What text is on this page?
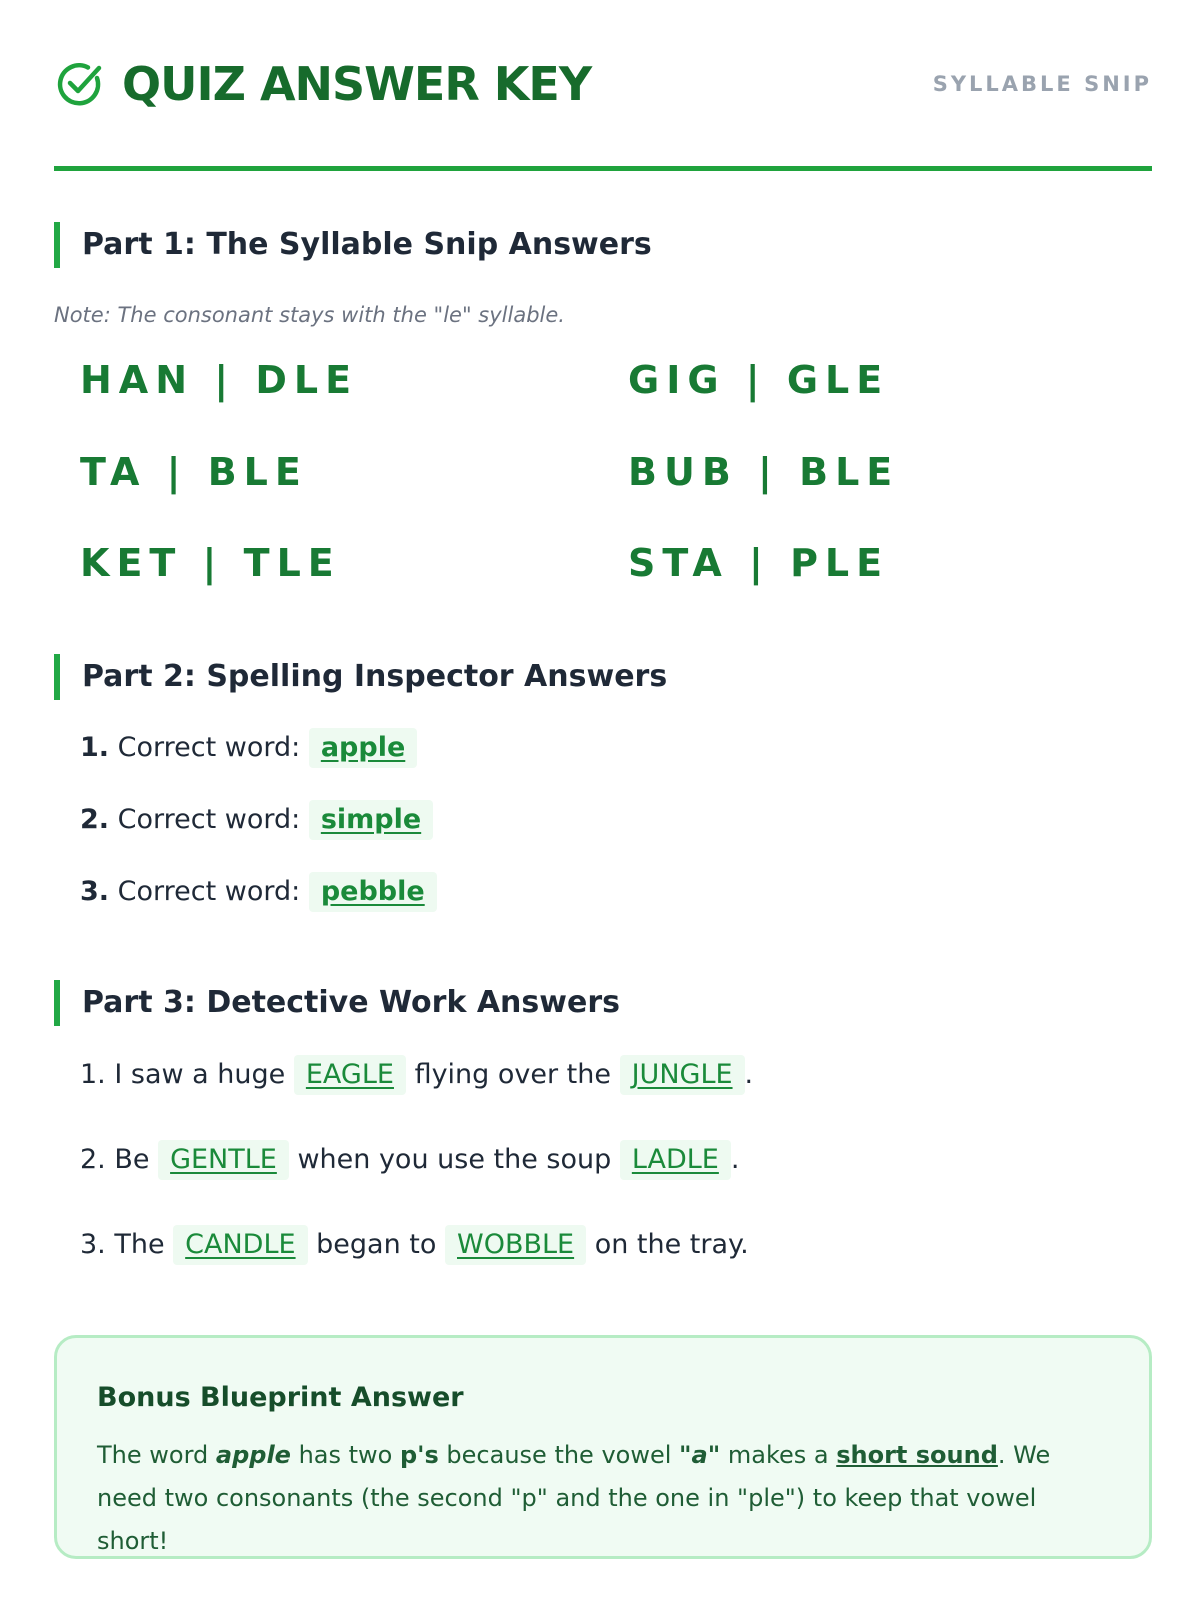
QUIZ ANSWER KEY	SYLLABLE SNIP
Part 1: The Syllable Snip Answers
Note: The consonant stays with the "le" syllable.
HAN | DLE	GIG | GLE
TA | BLE	BUB | BLE
KET | TLE	STA | PLE
Part 2: Spelling Inspector Answers
1. Correct word: apple
2. Correct word: simple
3. Correct word: pebble
Part 3: Detective Work Answers
1. I saw a huge EAGLE flying over the JUNGLE .
2. Be GENTLE when you use the soup LADLE .
3. The CANDLE began to WOBBLE on the tray.
Bonus Blueprint Answer
The word apple has two p's because the vowel "a" makes a short sound. We need two consonants (the second "p" and the one in "ple") to keep that vowel short!
